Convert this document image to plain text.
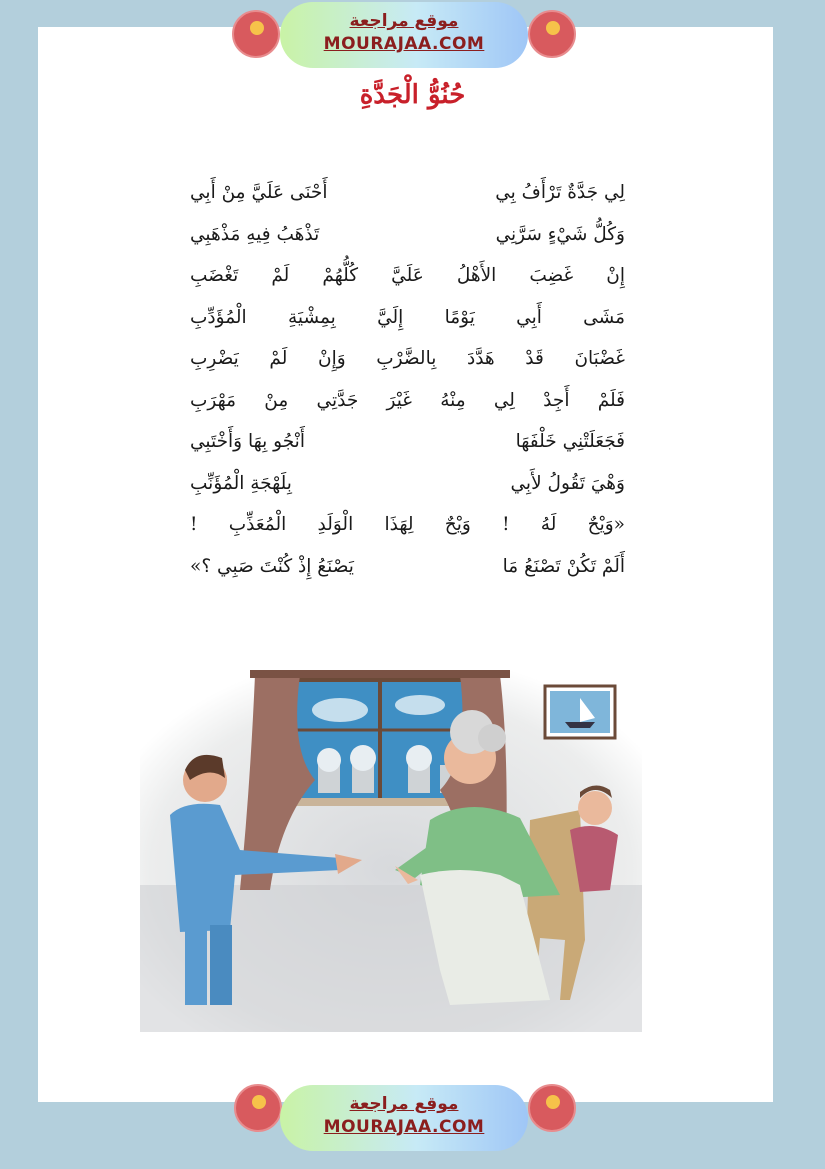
موقع مراجعة
MOURAJAA.COM
حُنُوُّ الْجَدَّةِ
لِي جَدَّةٌ تَرْأَفُ بِي
أَحْنَى عَلَيَّ مِنْ أَبِي
وَكُلُّ شَيْءٍ سَرَّنِي
تَذْهَبُ فِيهِ مَذْهَبِي
إِنْ غَضِبَ الأَهْلُ عَلَيَّ كُلُّهُمْ لَمْ تَغْضَبِ
مَشَى أَبِي يَوْمًا إِلَيَّ بِمِشْيَةِ الْمُؤَدِّبِ
غَضْبَانَ قَدْ هَدَّدَ بِالضَّرْبِ وَإِنْ لَمْ يَضْرِبِ
فَلَمْ أَجِدْ لِي مِنْهُ غَيْرَ جَدَّتِي مِنْ مَهْرَبِ
فَجَعَلَتْنِي خَلْفَهَا
أَنْجُو بِهَا وَأَخْتَبِي
وَهْيَ تَقُولُ لأَبِي
بِلَهْجَةِ الْمُؤَنِّبِ
«وَيْحٌ لَهُ ! وَيْحٌ لِهَذَا الْوَلَدِ الْمُعَذِّبِ !
أَلَمْ تَكُنْ تَصْنَعُ مَا
يَصْنَعُ إِذْ كُنْتَ صَبِي ؟»
موقع مراجعة
MOURAJAA.COM
